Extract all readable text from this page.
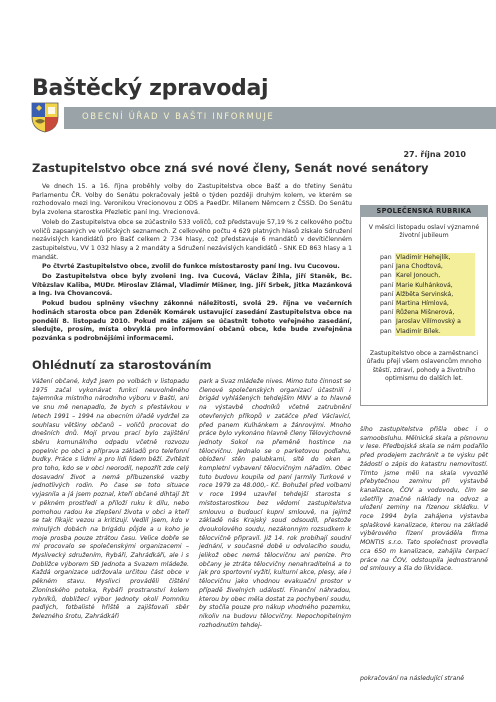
Baštěcký zpravodaj
OBECNÍ ÚŘAD V BAŠTI INFORMUJE
27. října 2010
Zastupitelstvo obce zná své nové členy, Senát nové senátory

Ve dnech 15. a 16. října proběhly volby do Zastupitelstva obce Bašť a do třetiny Senátu Parlamentu ČR. Volby do Senátu pokračovaly ještě o týden později druhým kolem, ve kterém se rozhodovalo mezi Ing. Veronikou Vrecionovou z ODS a PaedDr. Milanem Němcem z ČSSD. Do Senátu byla zvolena starostka Přezletic paní Ing. Vrecionová.

Voleb do Zastupitelstva obce se zúčastnilo 533 voličů, což představuje 57,19 % z celkového počtu voličů zapsaných ve voličských seznamech. Z celkového počtu 4 629 platných hlasů získalo Sdružení nezávislých kandidátů pro Bašť celkem 2 734 hlasy, což představuje 6 mandátů v devítičlenném zastupitelstvu, VV 1 032 hlasy a 2 mandáty a Sdružení nezávislých kandidátů - SNK ED 863 hlasy a 1 mandát.

Po čtvrté Zastupitelstvo obce, zvolil do funkce místostarosty paní Ing. Ivu Cucovou.

Do Zastupitelstva obce byly zvoleni Ing. Iva Cucová, Václav Žihla, Jiří Staněk, Bc. Vítězslav Kaliba, MUDr. Miroslav Zlámal, Vladimír Mišner, Ing. Jiří Srbek, Jitka Mazánková a Ing. Iva Chovancová.

Pokud budou splněny všechny zákonné náležitosti, svolá 29. října ve večerních hodinách starosta obce pan Zdeněk Komárek ustavující zasedání Zastupitelstva obce na pondělí 8. listopadu 2010. Pokud máte zájem se účastnit tohoto veřejného zasedání, sledujte, prosím, místa obvyklá pro informování občanů obce, kde bude zveřejněna pozvánka s podrobnějšími informacemi.

SPOLEČENSKÁ RUBRIKA
V měsíci listopadu oslaví významné životní jubileum
pan Vladimír Hehejlík,
paní Jana Chodtová,
pan Karel Jonouch,
paní Marie Kulhánková,
paní Alžběta Servinská,
paní Martina Hímlová,
paní Růžena Mišnerová,
pan Jaroslav Vilímovský a
pan Vladimír Bílek.
Zastupitelstvo obce a zaměstnanci úřadu přejí všem oslavencům mnoho štěstí, zdraví, pohody a životního optimismu do dalších let.
Ohlédnutí za starostováním

Vážení občané, když jsem po volbách v listopadu 1975 začal vykonávat funkci neuvolněného tajemníka místního národního výboru v Bašti, ani ve snu mě nenapadlo, že bych s přestávkou v letech 1991 – 1994 na obecním úřadě vydržel za souhlasu většiny občanů – voličů procovat do dnešních dnů. Mojí prvou prací bylo zajištění sběru komunálního odpadu včetně rozvozu popelnic po obci a příprava základů pro telefonní budky. Práce s lidmi a pro lidi lidem běží. Zvítězit pro toho, kdo se v obci neorodil, nepozřít zde celý dosavadní život a nemá příbuzenské vazby jednotlivých rodin. Po čase se toto situace vyjasnila a já jsem poznal, kteří občané dihtají žít v pěkném prostředí a přiloží ruku k dílu, nebo pomohou radou ke zlepšení života v obci a kteří se tak říkajíc vezou a kritizují. Vedlil jsem, kdo v minulých dobách na brigádu půjde a u koho je moje prosba pouze ztrátou času. Velice dobře se mi procovalo se společenskými organizacemi – Myslivecký sdružením, Rybáři, Zahrádkáři, ale i s Dobližce výborem SĐ Jednota a Svazem mládeže. Každá organizace udržovala určitou část obce v pěkném stavu. Myslivci prováděli čištění Zlonínského potoka, Rybáři prostranství kolem rybníků, dobližecí výbor Jednoty okolí Pomníku padlých, fotbalisté hřiště a zajišťovali sběr železného šrotu, Zahrádkáři

park a Svaz mládeže nives. Mimo tuto činnost se členové společenských organizací účastnili i brigád vyhlášených tehdejším MNV a to hlavně na výstavbě chodníků včetně zatrubnění otevřených příkopů v zatáčce před Václavicí, před panem Kulhánkem a žánrovými. Mnoho práce bylo vykonáno hlavně členy Tělovýchovné jednoty Sokol na přeměně hostince na tělocvičnu. Jednalo se o parketovou podlahu, obložení stěn palubkami, sítě do oken a kompletní vybavení tělocvičným nářadím. Obec tuto budovu koupila od paní Jarmily Turkové v roce 1979 za 48.000,- Kč. Bohužel před volbami v roce 1994 uzavřel tehdejší starosta s místostarostkou bez vědomí zastupitelstva smlouvu o budoucí kupní smlouvě, na jejímž základě nás Krajský soud odsoudil, přestože dvoukolového soudu, nezákonným rozsudkem k tělocvičně připravil. Již 14. rok probíhají soudní jednání, v současné době u odvolacího soudu, jelikož obec nemá tělocvičnu ani peníze. Pro občany je ztráta tělocvičny nenahraditelná a to jak pro sportovní vyžití, kulturní akce, plesy, ale i tělocvičnu jako vhodnou evakuační prostor v případě živelných událostí. Finanční náhradou, kterou by obec měla dostat za pochybení soudu, by stočila pouze pro nákup vhodného pozemku, nikoliv na budovu tělocvičny. Nepochopitelným rozhodnutím tehdej-

šího zastupitelstva přišla obec i o samoobsluhu. Mělnická skala a písnovnu v lese. Předbojská skala se nám podařilo před prodejem zachránit a te výsku pět žádostí o zápis do katastru nemovitostí. Tímto jsme měli na skala vyvozílé přebytečnou zeminu při výstavbě kanalizace, ČOV a vodovodu, čím se ušetřily značné náklady na odvoz a uložení zeminy na řízenou skládku. V roce 1994 byla zahájena výstavba splaškové kanalizace, kterou na základě výběrového řízení prováděla firma MONTIS s.r.o. Tato společnost provedla cca 650 m kanalizace, zahájila čerpací práce na ČOV, odstoupila jednostranně od smlouvy a šla do likvidace.

pokračování na následující straně
